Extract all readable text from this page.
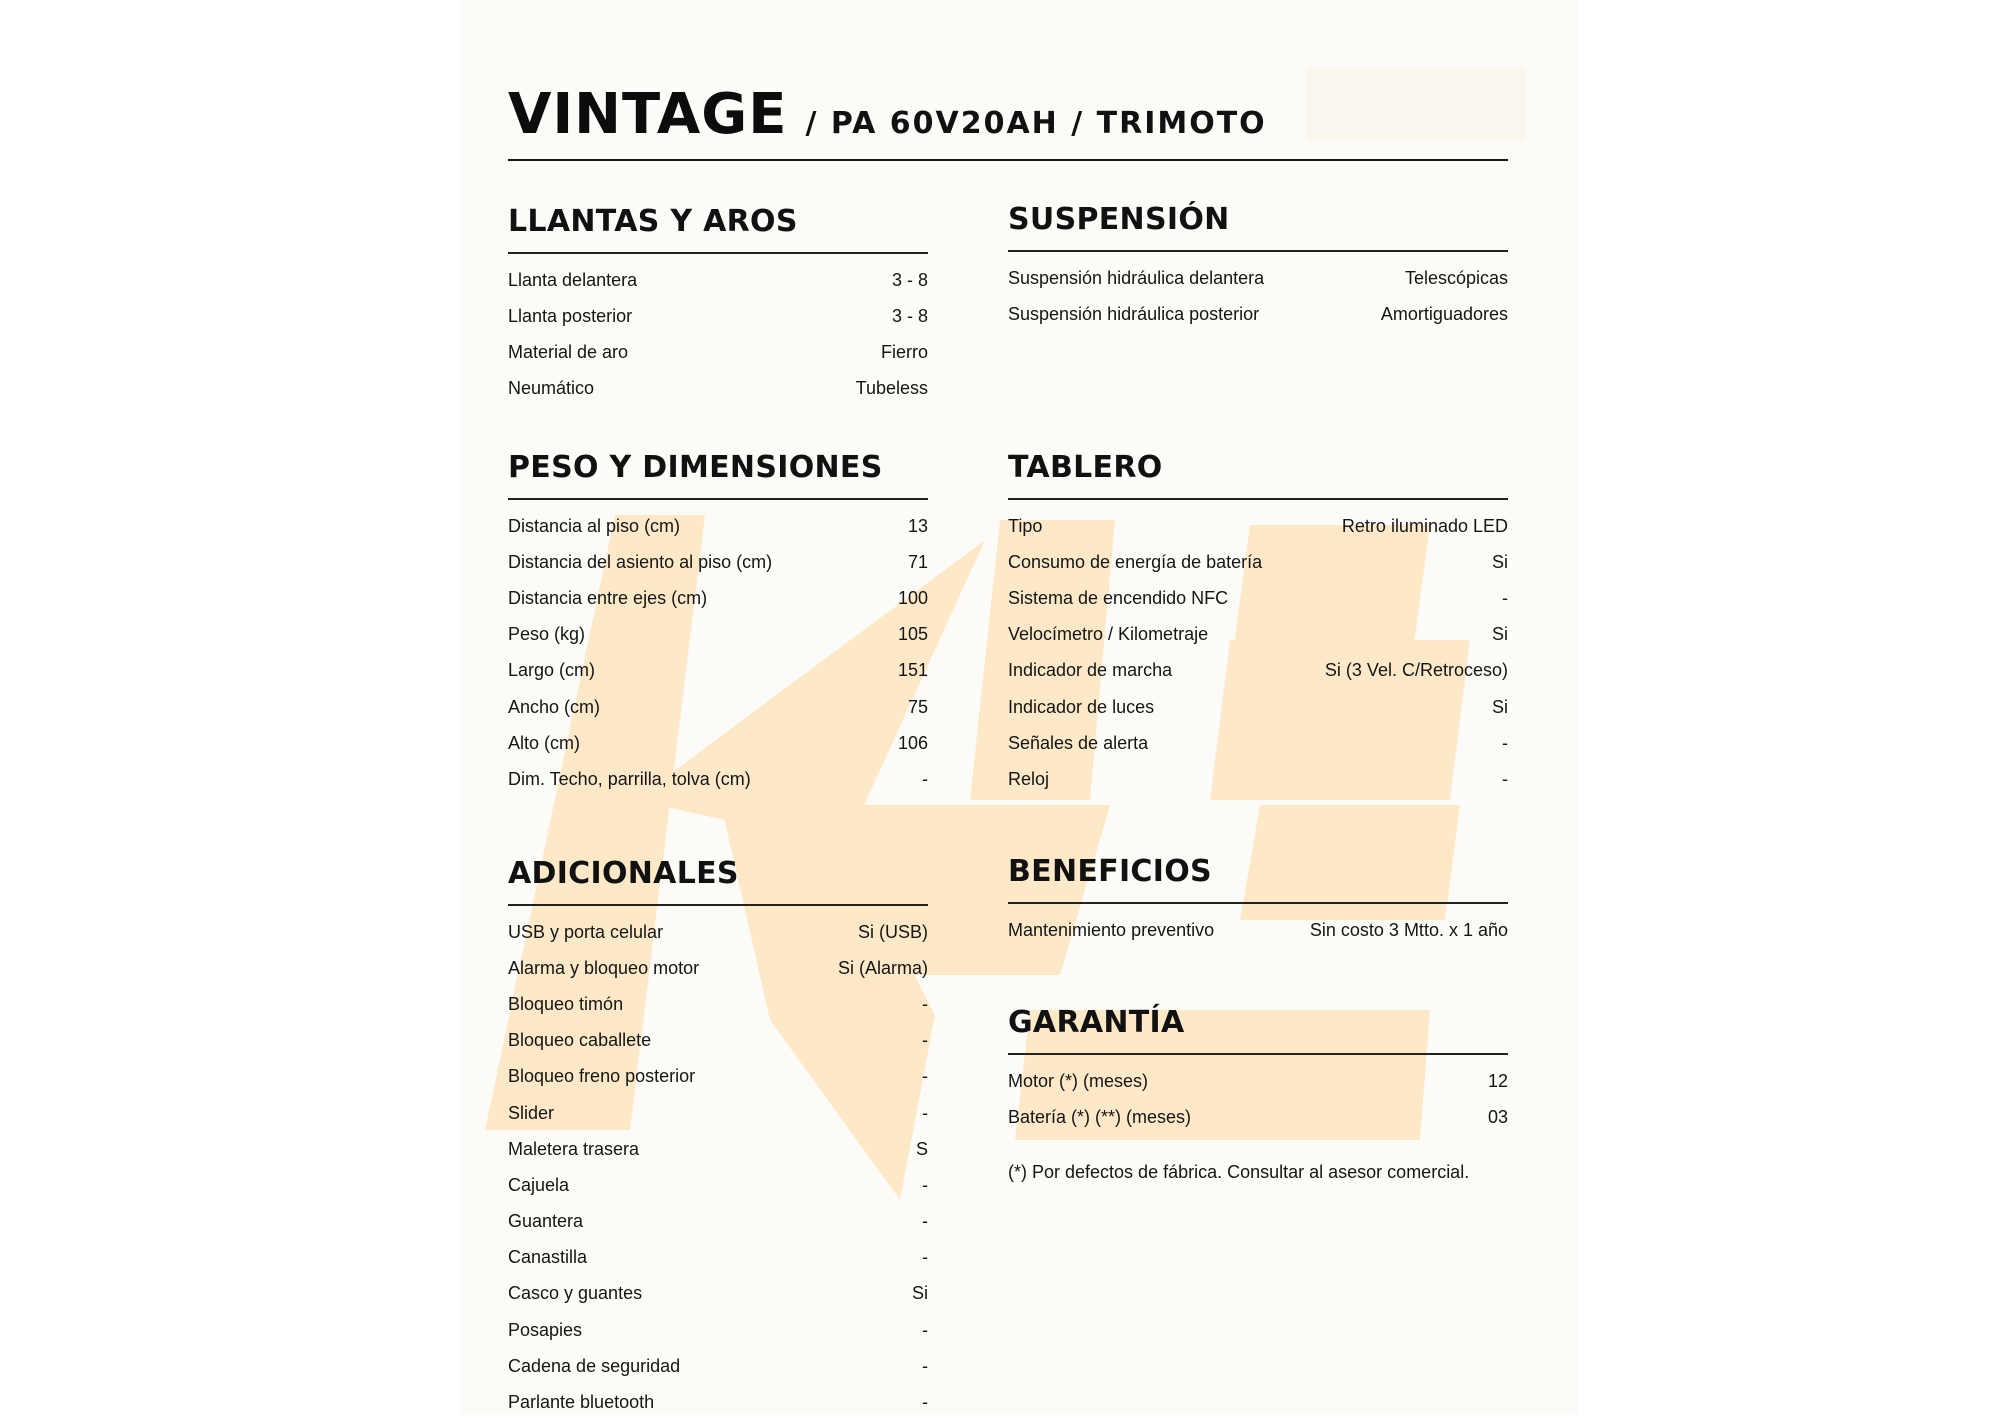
VINTAGE / PA 60V20AH / TRIMOTO
LLANTAS Y AROS
Llanta delantera	3 - 8
Llanta posterior	3 - 8
Material de aro	Fierro
Neumático	Tubeless
SUSPENSIÓN
Suspensión hidráulica delantera	Telescópicas
Suspensión hidráulica posterior	Amortiguadores
PESO Y DIMENSIONES
Distancia al piso (cm)	13
Distancia del asiento al piso (cm)	71
Distancia entre ejes (cm)	100
Peso (kg)	105
Largo (cm)	151
Ancho (cm)	75
Alto (cm)	106
Dim. Techo, parrilla, tolva (cm)	-
TABLERO
Tipo	Retro iluminado LED
Consumo de energía de batería	Si
Sistema de encendido NFC	-
Velocímetro / Kilometraje	Si
Indicador de marcha	Si (3 Vel. C/Retroceso)
Indicador de luces	Si
Señales de alerta	-
Reloj	-
ADICIONALES
USB y porta celular	Si (USB)
Alarma y bloqueo motor	Si (Alarma)
Bloqueo timón	-
Bloqueo caballete	-
Bloqueo freno posterior	-
Slider	-
Maletera trasera	S
Cajuela	-
Guantera	-
Canastilla	-
Casco y guantes	Si
Posapies	-
Cadena de seguridad	-
Parlante bluetooth	-
BENEFICIOS
Mantenimiento preventivo	Sin costo 3 Mtto. x 1 año
GARANTÍA
Motor (*) (meses)	12
Batería (*) (**) (meses)	03
(*) Por defectos de fábrica. Consultar al asesor comercial.
